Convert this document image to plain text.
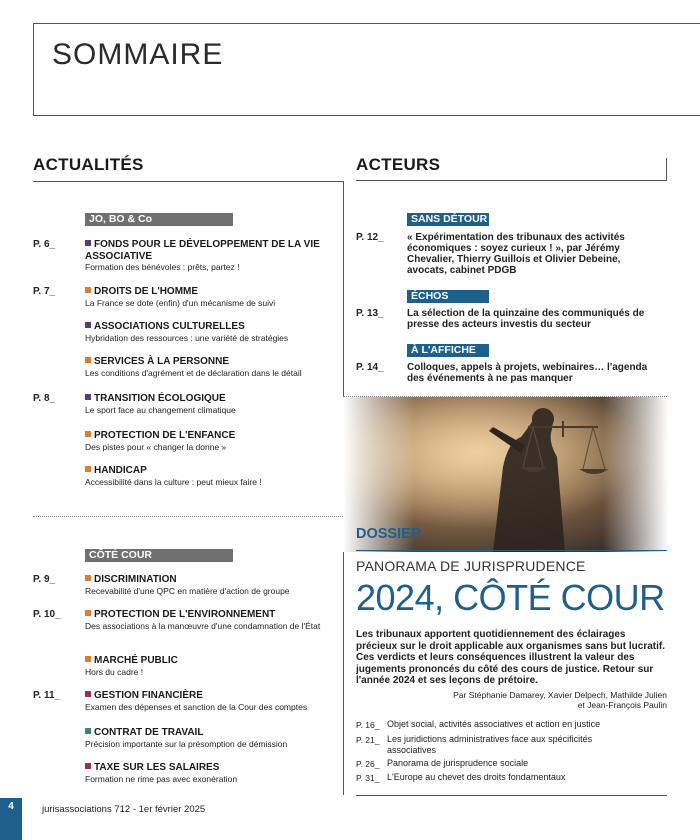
SOMMAIRE
ACTUALITÉS
JO, BO & Co
P. 6_	FONDS POUR LE DÉVELOPPEMENT DE LA VIE ASSOCIATIVE
Formation des bénévoles : prêts, partez !
P. 7_	DROITS DE L'HOMME
La France se dote (enfin) d'un mécanisme de suivi
ASSOCIATIONS CULTURELLES
Hybridation des ressources : une variété de stratégies
SERVICES À LA PERSONNE
Les conditions d'agrément et de déclaration dans le détail
P. 8_	TRANSITION ÉCOLOGIQUE
Le sport face au changement climatique
PROTECTION DE L'ENFANCE
Des pistes pour « changer la donne »
HANDICAP
Accessibilité dans la culture : peut mieux faire !
CÔTÉ COUR
P. 9_	DISCRIMINATION
Recevabilité d'une QPC en matière d'action de groupe
P. 10_	PROTECTION DE L'ENVIRONNEMENT
Des associations à la manœuvre d'une condamnation de l'État
MARCHÉ PUBLIC
Hors du cadre !
P. 11_	GESTION FINANCIÈRE
Examen des dépenses et sanction de la Cour des comptes
CONTRAT DE TRAVAIL
Précision importante sur la présomption de démission
TAXE SUR LES SALAIRES
Formation ne rime pas avec exonération
ACTEURS
SANS DÉTOUR
P. 12_ « Expérimentation des tribunaux des activités économiques : soyez curieux ! », par Jérémy Chevalier, Thierry Guillois et Olivier Debeine, avocats, cabinet PDGB
ÉCHOS
P. 13_ La sélection de la quinzaine des communiqués de presse des acteurs investis du secteur
À L'AFFICHE
P. 14_ Colloques, appels à projets, webinaires… l'agenda des événements à ne pas manquer
DOSSIER
PANORAMA DE JURISPRUDENCE
2024, CÔTÉ COUR
Les tribunaux apportent quotidiennement des éclairages précieux sur le droit applicable aux organismes sans but lucratif. Ces verdicts et leurs conséquences illustrent la valeur des jugements prononcés du côté des cours de justice. Retour sur l'année 2024 et ses leçons de prétoire.
Par Stéphanie Damarey, Xavier Delpech, Mathilde Julien
et Jean-François Paulin
P. 16_ Objet social, activités associatives et action en justice
P. 21_ Les juridictions administratives face aux spécificités associatives
P. 26_ Panorama de jurisprudence sociale
P. 31_ L'Europe au chevet des droits fondamentaux
4	jurisassociations 712 - 1er février 2025
